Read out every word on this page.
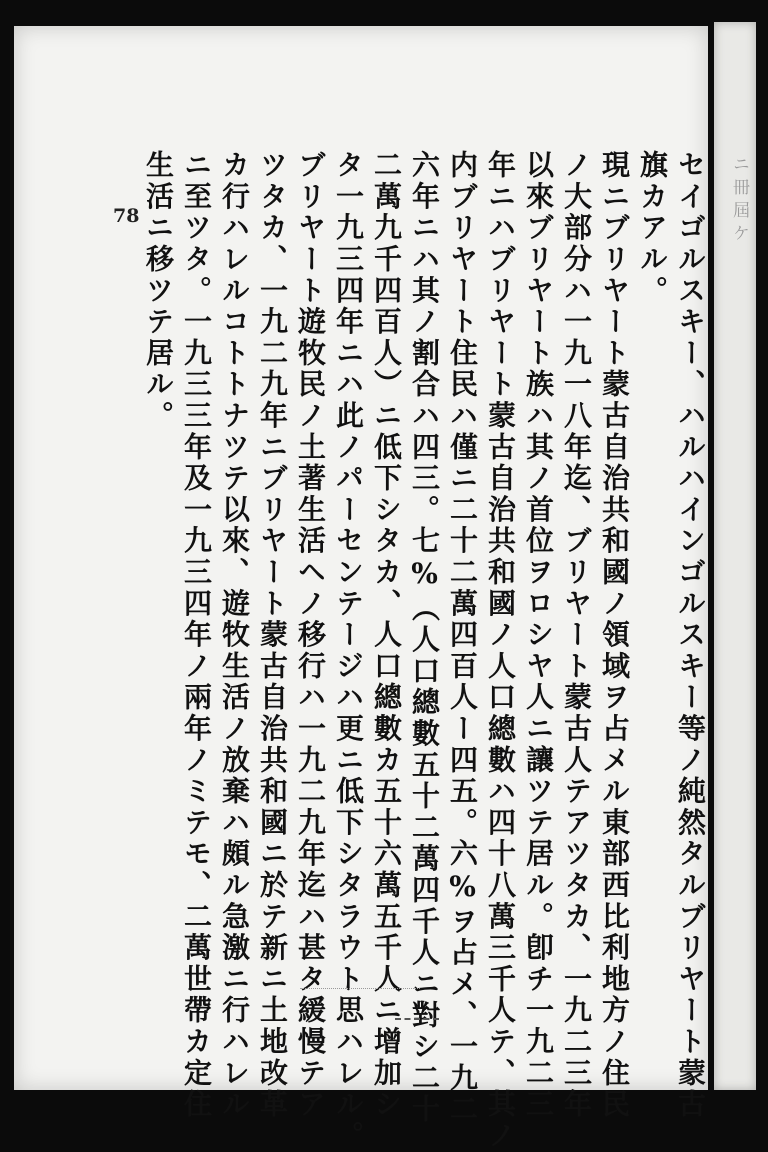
ニ冊屆ケ
セイゴルスキー、ハルハインゴルスキー等ノ純然タルブリヤート蒙古
旗カアル。
現ニブリヤート蒙古自治共和國ノ領域ヲ占メル東部西比利地方ノ住民
ノ大部分ハ一九一八年迄、ブリヤート蒙古人テアツタカ、一九二三年
以來ブリヤート族ハ其ノ首位ヲロシヤ人ニ讓ツテ居ル。卽チ一九二三
年ニハブリヤート蒙古自治共和國ノ人口總數ハ四十八萬三千人テ、其ノ
内ブリヤート住民ハ僅ニ二十二萬四百人ー四五。六%ヲ占メ、一九二
六年ニハ其ノ割合ハ四三。七%（人口總數五十二萬四千人ニ對シ二十
二萬九千四百人）ニ低下シタカ、人口總數カ五十六萬五千人ニ增加シ
タ一九三四年ニハ此ノパーセンテージハ更ニ低下シタラウト思ハレル。
ブリヤート遊牧民ノ土著生活ヘノ移行ハ一九二九年迄ハ甚タ緩慢テア
ツタカ、一九二九年ニブリヤート蒙古自治共和國ニ於テ新ニ土地改革
カ行ハレルコトトナツテ以來、遊牧生活ノ放棄ハ頗ル急激ニ行ハレル
ニ至ツタ。一九三三年及一九三四年ノ兩年ノミテモ、二萬世帶カ定住
生活ニ移ツテ居ル。
78
